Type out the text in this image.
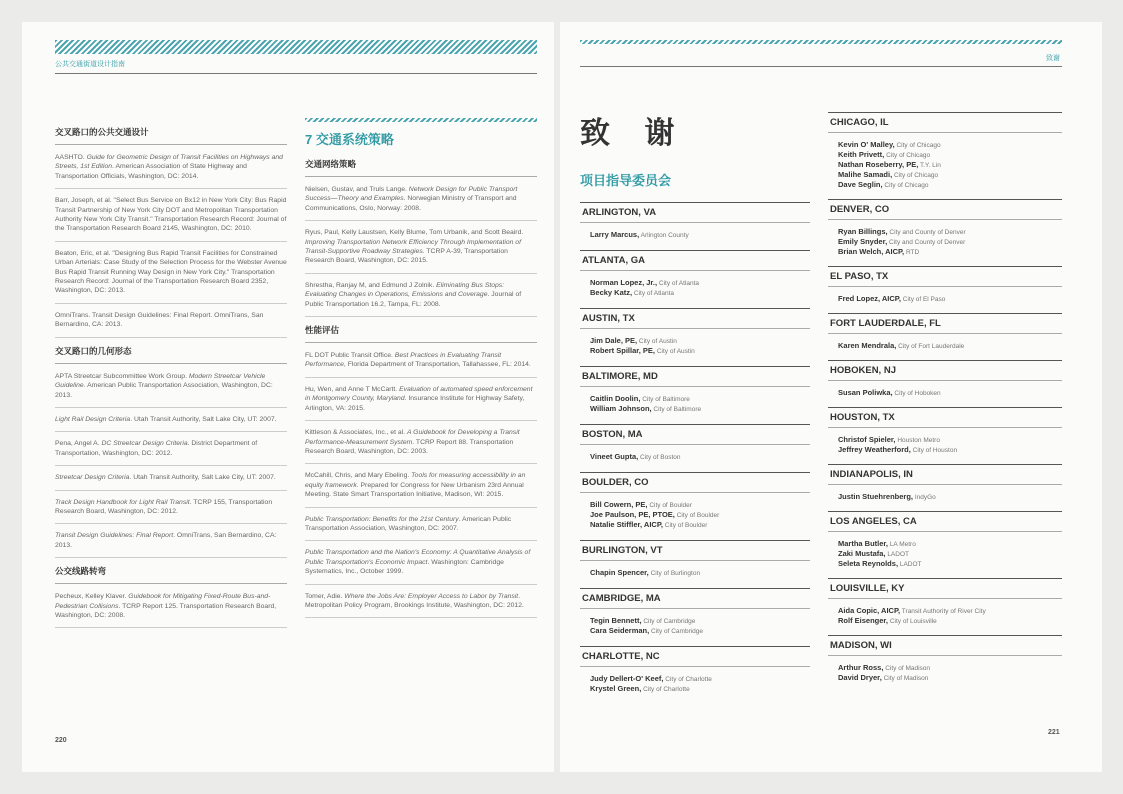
公共交通街道设计指南
交叉路口的公共交通设计
AASHTO. Guide for Geometric Design of Transit Facilities on Highways and Streets, 1st Edition. American Association of State Highway and Transportation Officials, Washington, DC: 2014.
Barr, Joseph, et al. "Select Bus Service on Bx12 in New York City: Bus Rapid Transit Partnership of New York City DOT and Metropolitan Transportation Authority New York City Transit." Transportation Research Record: Journal of the Transportation Research Board 2145, Washington, DC: 2010.
Beaton, Eric, et al. "Designing Bus Rapid Transit Facilities for Constrained Urban Arterials: Case Study of the Selection Process for the Webster Avenue Bus Rapid Transit Running Way Design in New York City." Transportation Research Record: Journal of the Transportation Research Board 2352, Washington, DC: 2013.
OmniTrans. Transit Design Guidelines: Final Report. OmniTrans, San Bernardino, CA: 2013.
交叉路口的几何形态
APTA Streetcar Subcommittee Work Group. Modern Streetcar Vehicle Guideline. American Public Transportation Association, Washington, DC: 2013.
Light Rail Design Criteria. Utah Transit Authority, Salt Lake City, UT: 2007.
Pena, Angel A. DC Streetcar Design Criteria. District Department of Transportation, Washington, DC: 2012.
Streetcar Design Criteria. Utah Transit Authority, Salt Lake City, UT: 2007.
Track Design Handbook for Light Rail Transit. TCRP 155, Transportation Research Board, Washington, DC: 2012.
Transit Design Guidelines: Final Report. OmniTrans, San Bernardino, CA: 2013.
公交线路转弯
Pecheux, Kelley Klaver. Guidebook for Mitigating Fixed-Route Bus-and-Pedestrian Collisions. TCRP Report 125. Transportation Research Board, Washington, DC: 2008.
7 交通系统策略
交通网络策略
Nielsen, Gustav, and Truls Lange. Network Design for Public Transport Success—Theory and Examples. Norwegian Ministry of Transport and Communications, Oslo, Norway: 2008.
Ryus, Paul, Kelly Laustsen, Kelly Blume, Tom Urbanik, and Scott Beaird. Improving Transportation Network Efficiency Through Implementation of Transit-Supportive Roadway Strategies. TCRP A-39, Transportation Research Board, Washington, DC: 2015.
Shrestha, Ranjay M, and Edmund J Zolnik. Eliminating Bus Stops: Evaluating Changes in Operations, Emissions and Coverage. Journal of Public Transportation 16.2, Tampa, FL: 2008.
性能评估
FL DOT Public Transit Office. Best Practices in Evaluating Transit Performance, Florida Department of Transportation, Tallahassee, FL: 2014.
Hu, Wen, and Anne T McCartt. Evaluation of automated speed enforcement in Montgomery County, Maryland. Insurance Institute for Highway Safety, Arlington, VA: 2015.
Kittleson & Associates, Inc., et al. A Guidebook for Developing a Transit Performance-Measurement System. TCRP Report 88. Transportation Research Board, Washington, DC: 2003.
McCahill, Chris, and Mary Ebeling. Tools for measuring accessibility in an equity framework. Prepared for Congress for New Urbanism 23rd Annual Meeting. State Smart Transportation Initiative, Madison, WI: 2015.
Public Transportation: Benefits for the 21st Century. American Public Transportation Association, Washington, DC: 2007.
Public Transportation and the Nation's Economy: A Quantitative Analysis of Public Transportation's Economic Impact. Washington: Cambridge Systematics, Inc., October 1999.
Tomer, Adie. Where the Jobs Are: Employer Access to Labor by Transit. Metropolitan Policy Program, Brookings Institute, Washington, DC: 2012.
220
致谢
致 谢
项目指导委员会
ARLINGTON, VA
Larry Marcus, Arlington County
ATLANTA, GA
Norman Lopez, Jr., City of Atlanta
Becky Katz, City of Atlanta
AUSTIN, TX
Jim Dale, PE, City of Austin
Robert Spillar, PE, City of Austin
BALTIMORE, MD
Caitlin Doolin, City of Baltimore
William Johnson, City of Baltimore
BOSTON, MA
Vineet Gupta, City of Boston
BOULDER, CO
Bill Cowern, PE, City of Boulder
Joe Paulson, PE, PTOE, City of Boulder
Natalie Stiffler, AICP, City of Boulder
BURLINGTON, VT
Chapin Spencer, City of Burlington
CAMBRIDGE, MA
Tegin Bennett, City of Cambridge
Cara Seiderman, City of Cambridge
CHARLOTTE, NC
Judy Dellert-O' Keef, City of Charlotte
Krystel Green, City of Charlotte
CHICAGO, IL
Kevin O' Malley, City of Chicago
Keith Privett, City of Chicago
Nathan Roseberry, PE, T.Y. Lin
Malihe Samadi, City of Chicago
Dave Seglin, City of Chicago
DENVER, CO
Ryan Billings, City and County of Denver
Emily Snyder, City and County of Denver
Brian Welch, AICP, RTD
EL PASO, TX
Fred Lopez, AICP, City of El Paso
FORT LAUDERDALE, FL
Karen Mendrala, City of Fort Lauderdale
HOBOKEN, NJ
Susan Poliwka, City of Hoboken
HOUSTON, TX
Christof Spieler, Houston Metro
Jeffrey Weatherford, City of Houston
INDIANAPOLIS, IN
Justin Stuehrenberg, IndyGo
LOS ANGELES, CA
Martha Butler, LA Metro
Zaki Mustafa, LADOT
Seleta Reynolds, LADOT
LOUISVILLE, KY
Aida Copic, AICP, Transit Authority of River City
Rolf Eisenger, City of Louisville
MADISON, WI
Arthur Ross, City of Madison
David Dryer, City of Madison
221
